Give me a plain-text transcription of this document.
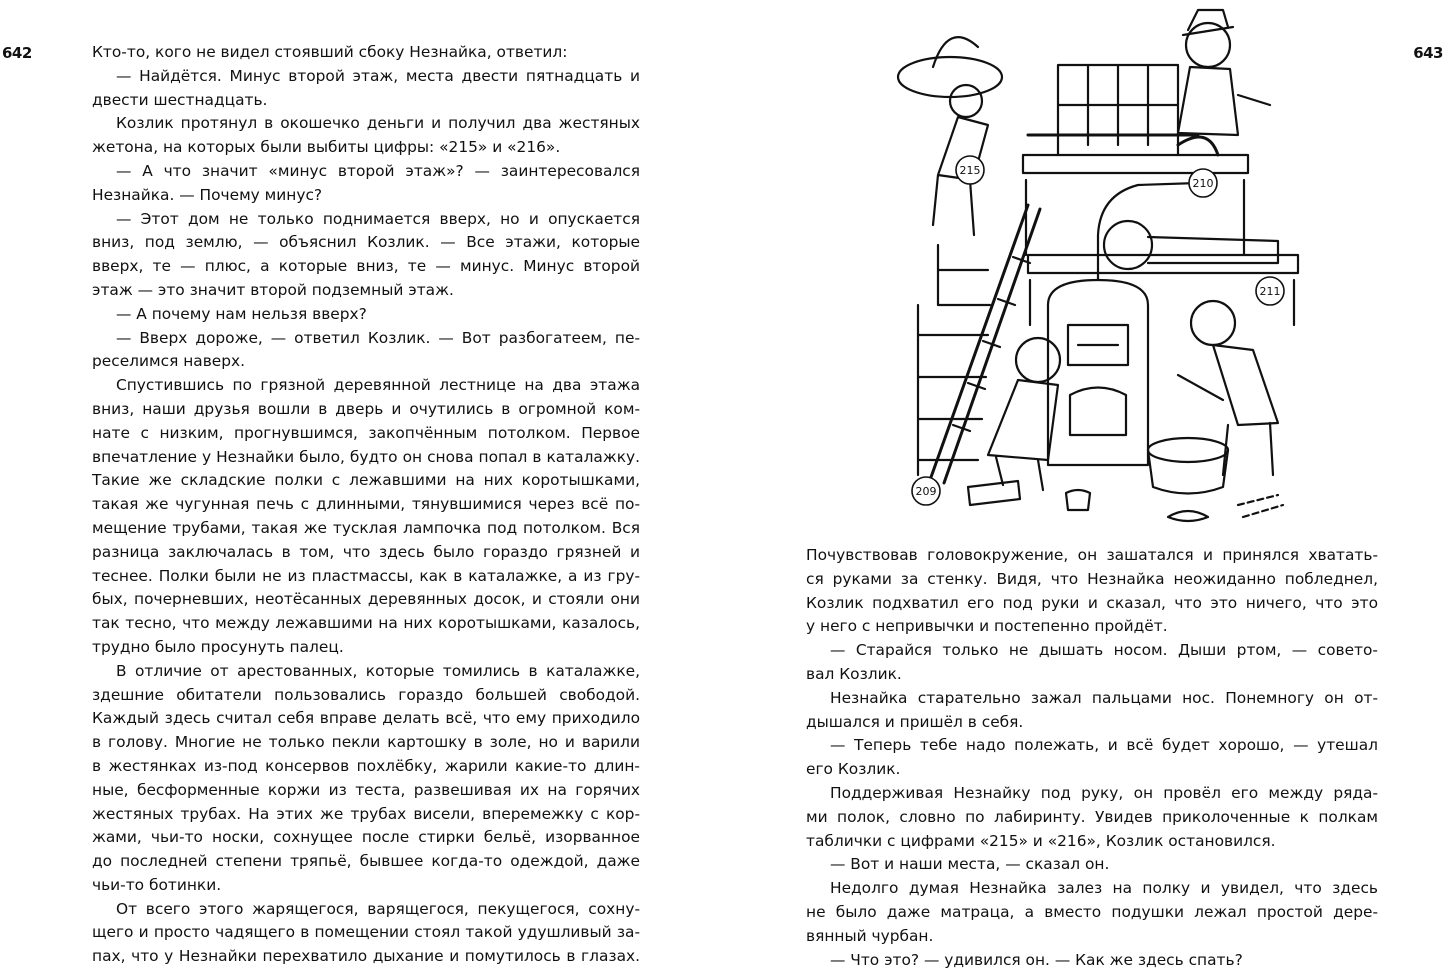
642	Кто-то, кого не видел стоявший сбоку Незнайка, ответил:
— Найдётся. Минус второй этаж, места двести пятнадцать и
двести шестнадцать.
Козлик протянул в окошечко деньги и получил два жестяных
жетона, на которых были выбиты цифры: «215» и «216».
— А что значит «минус второй этаж»? — заинтересовался
Незнайка. — Почему минус?
— Этот дом не только поднимается вверх, но и опускается
вниз, под землю, — объяснил Козлик. — Все этажи, которые
вверх, те — плюс, а которые вниз, те — минус. Минус второй
этаж — это значит второй подземный этаж.
— А почему нам нельзя вверх?
— Вверх дороже, — ответил Козлик. — Вот разбогатеем, пе-
реселимся наверх.
Спустившись по грязной деревянной лестнице на два этажа
вниз, наши друзья вошли в дверь и очутились в огромной ком-
нате с низким, прогнувшимся, закопчённым потолком. Первое
впечатление у Незнайки было, будто он снова попал в каталажку.
Такие же складские полки с лежавшими на них коротышками,
такая же чугунная печь с длинными, тянувшимися через всё по-
мещение трубами, такая же тусклая лампочка под потолком. Вся
разница заключалась в том, что здесь было гораздо грязней и
теснее. Полки были не из пластмассы, как в каталажке, а из гру-
бых, почерневших, неотёсанных деревянных досок, и стояли они
так тесно, что между лежавшими на них коротышками, казалось,
трудно было просунуть палец.
В отличие от арестованных, которые томились в каталажке,
здешние обитатели пользовались гораздо большей свободой.
Каждый здесь считал себя вправе делать всё, что ему приходило
в голову. Многие не только пекли картошку в золе, но и варили
в жестянках из-под консервов похлёбку, жарили какие-то длин-
ные, бесформенные коржи из теста, развешивая их на горячих
жестяных трубах. На этих же трубах висели, вперемежку с кор-
жами, чьи-то носки, сохнущее после стирки бельё, изорванное
до последней степени тряпьё, бывшее когда-то одеждой, даже
чьи-то ботинки.
От всего этого жарящегося, варящегося, пекущегося, сохну-
щего и просто чадящего в помещении стоял такой удушливый за-
пах, что у Незнайки перехватило дыхание и помутилось в глазах.
643
215
210
211
209
Почувствовав головокружение, он зашатался и принялся хватать-
ся руками за стенку. Видя, что Незнайка неожиданно побледнел,
Козлик подхватил его под руки и сказал, что это ничего, что это
у него с непривычки и постепенно пройдёт.
— Старайся только не дышать носом. Дыши ртом, — совето-
вал Козлик.
Незнайка старательно зажал пальцами нос. Понемногу он от-
дышался и пришёл в себя.
— Теперь тебе надо полежать, и всё будет хорошо, — утешал
его Козлик.
Поддерживая Незнайку под руку, он провёл его между ряда-
ми полок, словно по лабиринту. Увидев приколоченные к полкам
таблички с цифрами «215» и «216», Козлик остановился.
— Вот и наши места, — сказал он.
Недолго думая Незнайка залез на полку и увидел, что здесь
не было даже матраца, а вместо подушки лежал простой дере-
вянный чурбан.
— Что это? — удивился он. — Как же здесь спать?
